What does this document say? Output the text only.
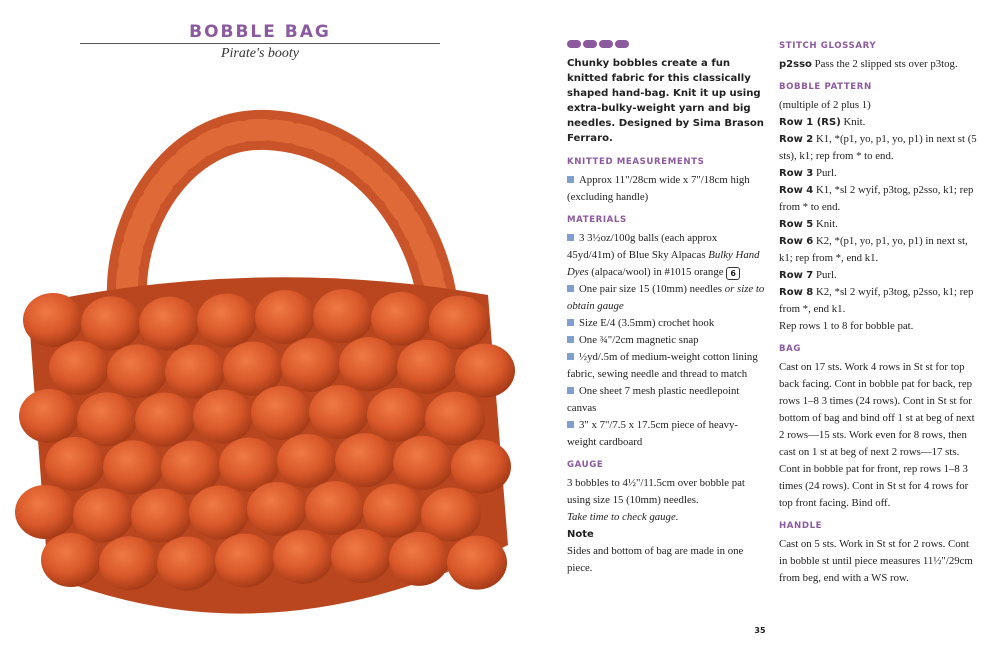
BOBBLE BAG
Pirate's booty

Chunky bobbles create a fun knitted fabric for this classically shaped hand-bag. Knit it up using extra-bulky-weight yarn and big needles. Designed by Sima Brason Ferraro.

KNITTED MEASUREMENTS

Approx 11"/28cm wide x 7"/18cm high (excluding handle)

MATERIALS

3 3½oz/100g balls (each approx 45yd/41m) of Blue Sky Alpacas Bulky Hand Dyes (alpaca/wool) in #1015 orange 6

One pair size 15 (10mm) needles or size to obtain gauge

Size E/4 (3.5mm) crochet hook

One ¾"/2cm magnetic snap

½yd/.5m of medium-weight cotton lining fabric, sewing needle and thread to match

One sheet 7 mesh plastic needlepoint canvas

3" x 7"/7.5 x 17.5cm piece of heavy-weight cardboard

GAUGE

3 bobbles to 4½"/11.5cm over bobble pat using size 15 (10mm) needles.

Take time to check gauge.

Note

Sides and bottom of bag are made in one piece.

STITCH GLOSSARY

p2sso Pass the 2 slipped sts over p3tog.

BOBBLE PATTERN

(multiple of 2 plus 1)

Row 1 (RS) Knit.

Row 2 K1, *(p1, yo, p1, yo, p1) in next st (5 sts), k1; rep from * to end.

Row 3 Purl.

Row 4 K1, *sl 2 wyif, p3tog, p2sso, k1; rep from * to end.

Row 5 Knit.

Row 6 K2, *(p1, yo, p1, yo, p1) in next st, k1; rep from *, end k1.

Row 7 Purl.

Row 8 K2, *sl 2 wyif, p3tog, p2sso, k1; rep from *, end k1.

Rep rows 1 to 8 for bobble pat.

BAG

Cast on 17 sts. Work 4 rows in St st for top back facing. Cont in bobble pat for back, rep rows 1–8 3 times (24 rows). Cont in St st for bottom of bag and bind off 1 st at beg of next 2 rows—15 sts. Work even for 8 rows, then cast on 1 st at beg of next 2 rows—17 sts. Cont in bobble pat for front, rep rows 1–8 3 times (24 rows). Cont in St st for 4 rows for top front facing. Bind off.

HANDLE

Cast on 5 sts. Work in St st for 2 rows. Cont in bobble st until piece measures 11½"/29cm from beg, end with a WS row.

35
